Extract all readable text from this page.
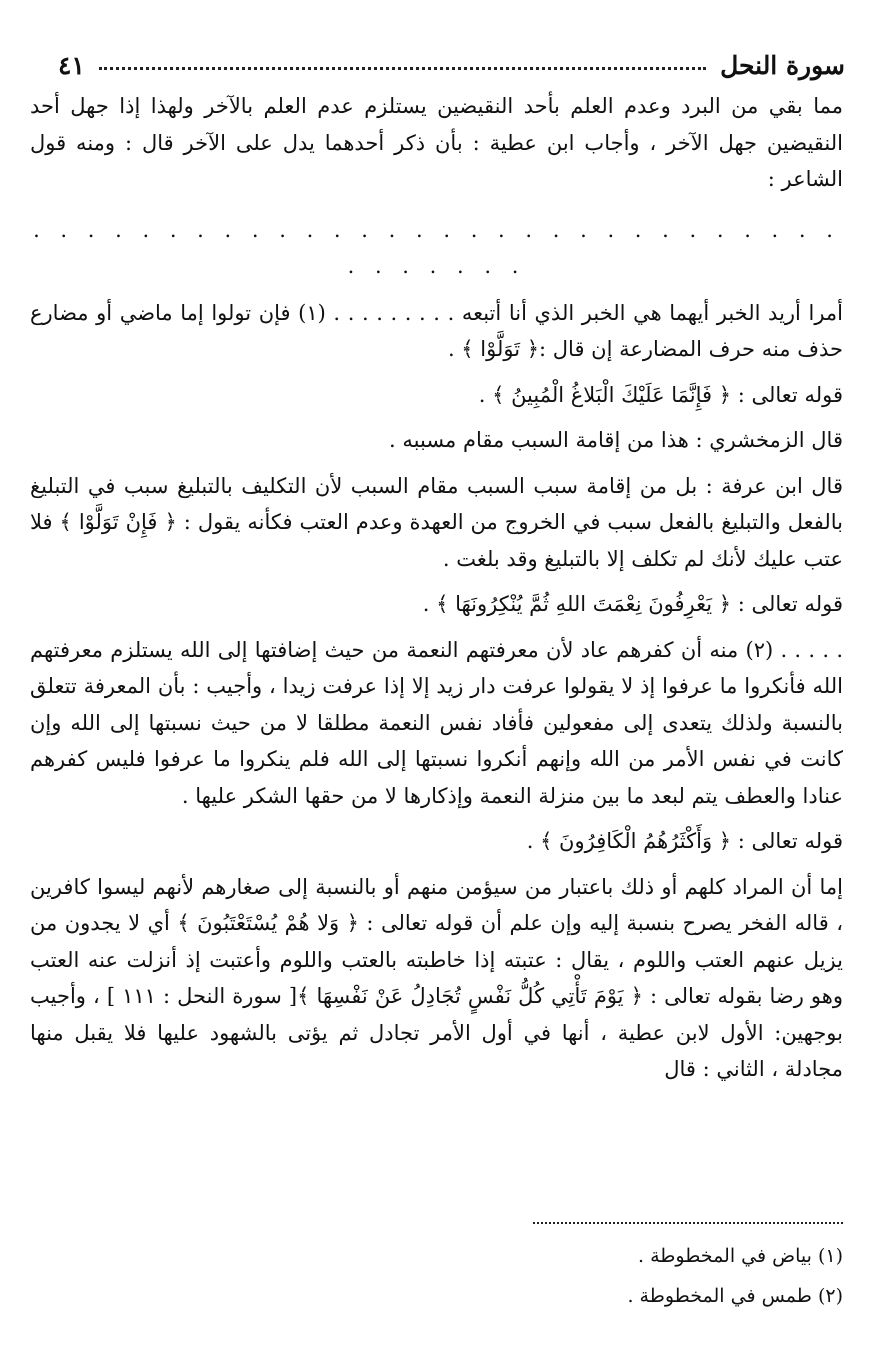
سورة النحل
٤١

مما بقي من البرد وعدم العلم بأحد النقيضين يستلزم عدم العلم بالآخر ولهذا إذا جهل أحد النقيضين جهل الآخر ، وأجاب ابن عطية : بأن ذكر أحدهما يدل على الآخر قال : ومنه قول الشاعر :

. . . . . . . . . . . . . . . . . . . . . . . . . . . . . . . . . . . . .

أمرا أريد الخبر أيهما هي الخبر الذي أنا أتبعه . . . . . . . . . (١) فإن تولوا إما ماضي أو مضارع حذف منه حرف المضارعة إن قال :﴿ تَوَلَّوْا ﴾ .

قوله تعالى : ﴿ فَإِنَّمَا عَلَيْكَ الْبَلاغُ الْمُبِينُ ﴾ .

قال الزمخشري : هذا من إقامة السبب مقام مسببه .

قال ابن عرفة : بل من إقامة سبب السبب مقام السبب لأن التكليف بالتبليغ سبب في التبليغ بالفعل والتبليغ بالفعل سبب في الخروج من العهدة وعدم العتب فكأنه يقول : ﴿ فَإِنْ تَوَلَّوْا ﴾ فلا عتب عليك لأنك لم تكلف إلا بالتبليغ وقد بلغت .

قوله تعالى : ﴿ يَعْرِفُونَ نِعْمَتَ اللهِ ثُمَّ يُنْكِرُونَهَا ﴾ .

. . . . . (٢) منه أن كفرهم عاد لأن معرفتهم النعمة من حيث إضافتها إلى الله يستلزم معرفتهم الله فأنكروا ما عرفوا إذ لا يقولوا عرفت دار زيد إلا إذا عرفت زيدا ، وأجيب : بأن المعرفة تتعلق بالنسبة ولذلك يتعدى إلى مفعولين فأفاد نفس النعمة مطلقا لا من حيث نسبتها إلى الله وإن كانت في نفس الأمر من الله وإنهم أنكروا نسبتها إلى الله فلم ينكروا ما عرفوا فليس كفرهم عنادا والعطف يتم لبعد ما بين منزلة النعمة وإذكارها لا من حقها الشكر عليها .

قوله تعالى : ﴿ وَأَكْثَرُهُمُ الْكَافِرُونَ ﴾ .

إما أن المراد كلهم أو ذلك باعتبار من سيؤمن منهم أو بالنسبة إلى صغارهم لأنهم ليسوا كافرين ، قاله الفخر يصرح بنسبة إليه وإن علم أن قوله تعالى : ﴿ وَلا هُمْ يُسْتَعْتَبُونَ ﴾ أي لا يجدون من يزيل عنهم العتب واللوم ، يقال : عتبته إذا خاطبته بالعتب واللوم وأعتبت إذ أنزلت عنه العتب وهو رضا بقوله تعالى : ﴿ يَوْمَ تَأْتِي كُلُّ نَفْسٍ تُجَادِلُ عَنْ نَفْسِهَا ﴾[ سورة النحل : ١١١ ] ، وأجيب بوجهين: الأول لابن عطية ، أنها في أول الأمر تجادل ثم يؤتى بالشهود عليها فلا يقبل منها مجادلة ، الثاني : قال

(١) بياض في المخطوطة .

(٢) طمس في المخطوطة .
